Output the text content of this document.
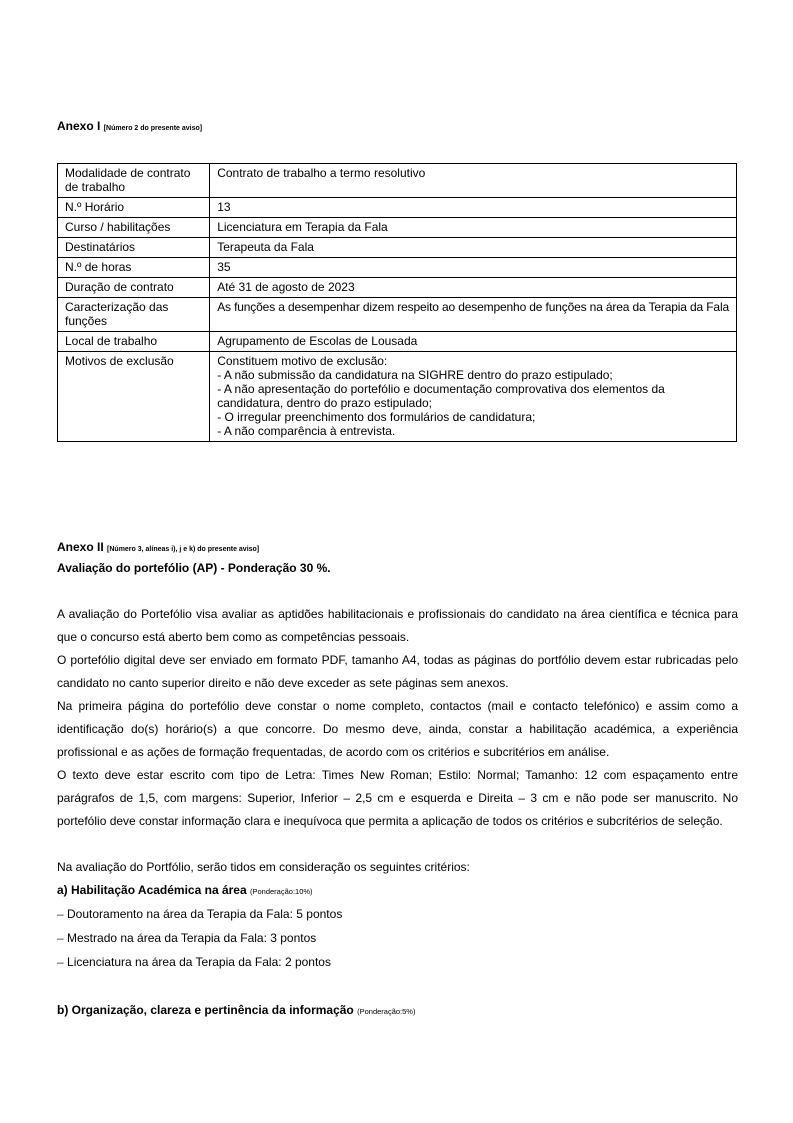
Anexo I [Número 2 do presente aviso]
Modalidade de contrato de trabalho	Contrato de trabalho a termo resolutivo
N.º Horário	13
Curso / habilitações	Licenciatura em Terapia da Fala
Destinatários	Terapeuta da Fala
N.º de horas	35
Duração de contrato	Até 31 de agosto de 2023
Caracterização das funções	As funções a desempenhar dizem respeito ao desempenho de funções na área da Terapia da Fala
Local de trabalho	Agrupamento de Escolas de Lousada
Motivos de exclusão	Constituem motivo de exclusão:
- A não submissão da candidatura na SIGHRE dentro do prazo estipulado;
- A não apresentação do portefólio e documentação comprovativa dos elementos da candidatura, dentro do prazo estipulado;
- O irregular preenchimento dos formulários de candidatura;
- A não comparência à entrevista.
Anexo II [Número 3, alíneas i), j e k) do presente aviso]
Avaliação do portefólio (AP) - Ponderação 30 %.
A avaliação do Portefólio visa avaliar as aptidões habilitacionais e profissionais do candidato na área científica e técnica para que o concurso está aberto bem como as competências pessoais.
O portefólio digital deve ser enviado em formato PDF, tamanho A4, todas as páginas do portfólio devem estar rubricadas pelo candidato no canto superior direito e não deve exceder as sete páginas sem anexos.
Na primeira página do portefólio deve constar o nome completo, contactos (mail e contacto telefónico) e assim como a identificação do(s) horário(s) a que concorre. Do mesmo deve, ainda, constar a habilitação académica, a experiência profissional e as ações de formação frequentadas, de acordo com os critérios e subcritérios em análise.
O texto deve estar escrito com tipo de Letra: Times New Roman; Estilo: Normal; Tamanho: 12 com espaçamento entre parágrafos de 1,5, com margens: Superior, Inferior – 2,5 cm e esquerda e Direita – 3 cm e não pode ser manuscrito. No portefólio deve constar informação clara e inequívoca que permita a aplicação de todos os critérios e subcritérios de seleção.
Na avaliação do Portfólio, serão tidos em consideração os seguintes critérios:
a) Habilitação Académica na área (Ponderação:10%)
– Doutoramento na área da Terapia da Fala: 5 pontos
– Mestrado na área da Terapia da Fala: 3 pontos
– Licenciatura na área da Terapia da Fala: 2 pontos
b) Organização, clareza e pertinência da informação (Ponderação:5%)
